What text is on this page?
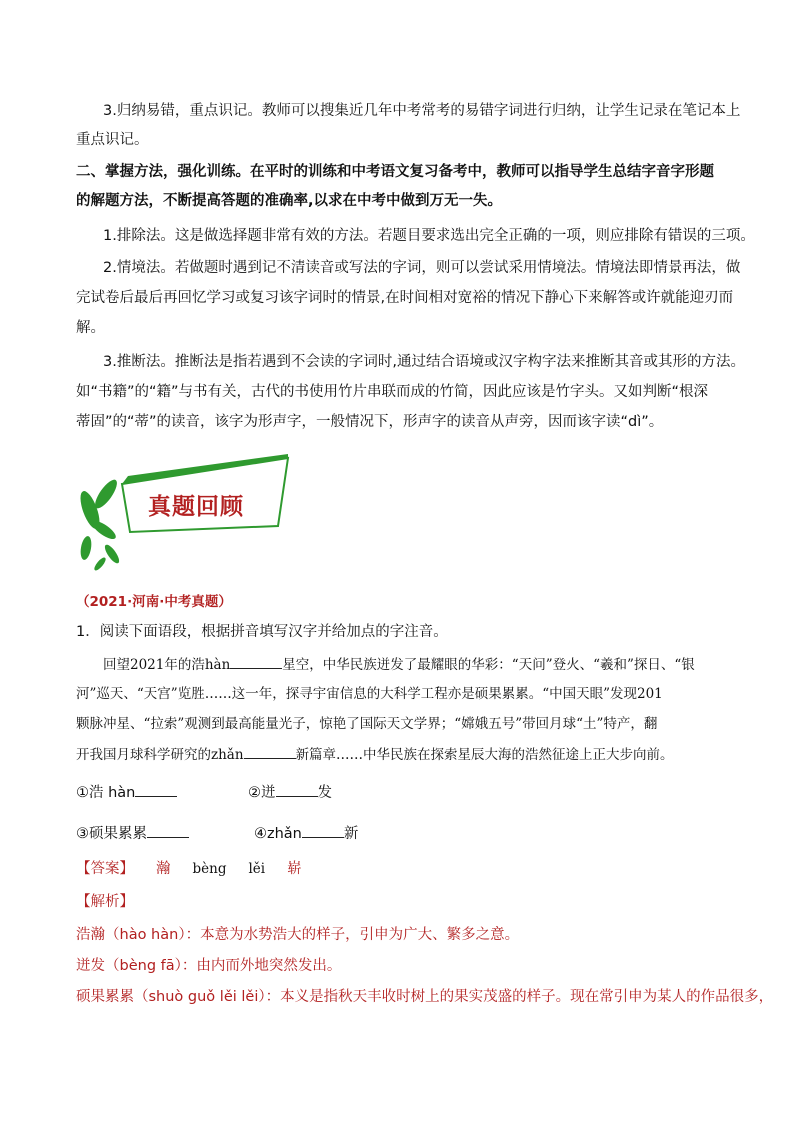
3.归纳易错，重点识记。教师可以搜集近几年中考常考的易错字词进行归纳，让学生记录在笔记本上
重点识记。
二、掌握方法，强化训练。在平时的训练和中考语文复习备考中，教师可以指导学生总结字音字形题
的解题方法，不断提高答题的准确率,以求在中考中做到万无一失。
1.排除法。这是做选择题非常有效的方法。若题目要求选出完全正确的一项，则应排除有错误的三项。
2.情境法。若做题时遇到记不清读音或写法的字词，则可以尝试采用情境法。情境法即情景再法，做
完试卷后最后再回忆学习或复习该字词时的情景,在时间相对宽裕的情况下静心下来解答或许就能迎刃而
解。
3.推断法。推断法是指若遇到不会读的字词时,通过结合语境或汉字构字法来推断其音或其形的方法。
如“书籍”的“籍”与书有关，古代的书使用竹片串联而成的竹简，因此应该是竹字头。又如判断“根深
蒂固”的“蒂”的读音，该字为形声字，一般情况下，形声字的读音从声旁，因而该字读“dì”。
真题回顾
（2021·河南·中考真题）
1．阅读下面语段，根据拼音填写汉字并给加点的字注音。
回望2021年的浩hàn	星空，中华民族迸发了最耀眼的华彩：“天问”登火、“羲和”探日、“银
河”巡天、“天宫”览胜……这一年，探寻宇宙信息的大科学工程亦是硕果累累。“中国天眼”发现201
颗脉冲星、“拉索”观测到最高能量光子，惊艳了国际天文学界；“嫦娥五号”带回月球“土”特产，翻
开我国月球科学研究的zhǎn	新篇章……中华民族在探索星辰大海的浩然征途上正大步向前。
①浩 hàn	②迸	发
③硕果累累	④zhǎn	新
【答案】 瀚 bèng lěi 崭
【解析】
浩瀚（hào hàn）：本意为水势浩大的样子，引申为广大、繁多之意。
迸发（bèng fā）：由内而外地突然发出。
硕果累累（shuò guǒ lěi lěi）：本义是指秋天丰收时树上的果实茂盛的样子。现在常引申为某人的作品很多，
